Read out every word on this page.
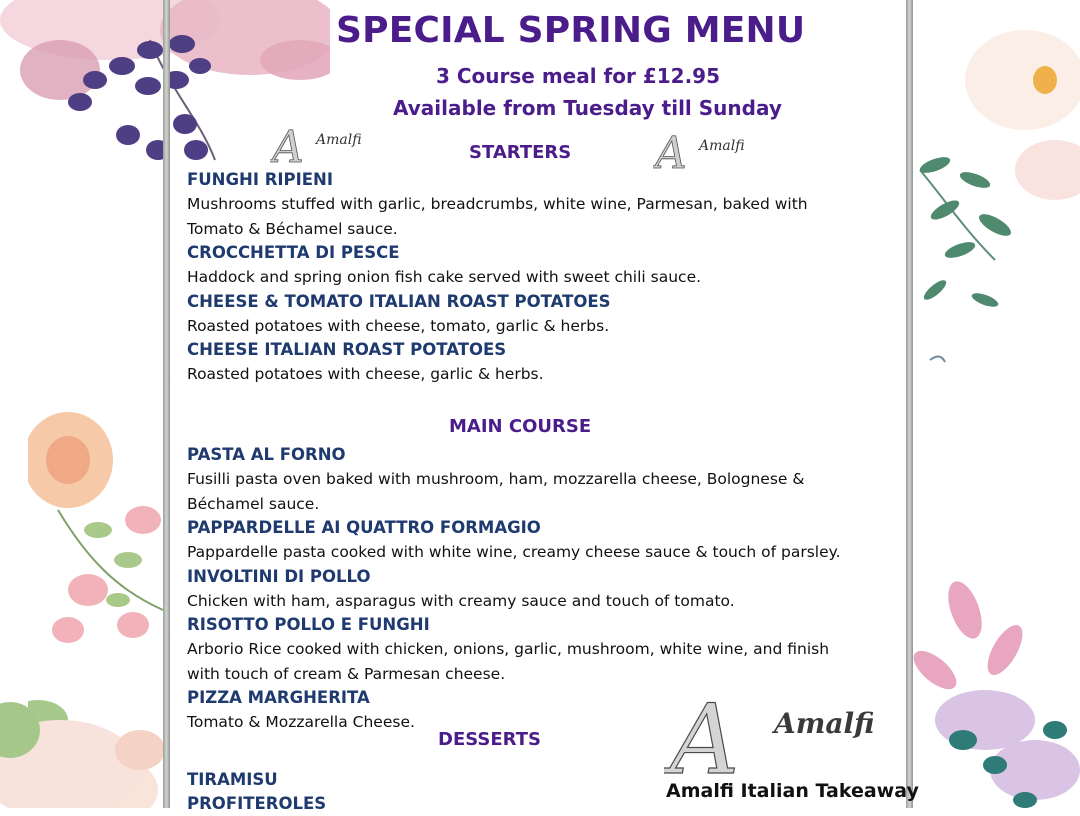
SPECIAL SPRING MENU
3 Course meal for £12.95
Available from Tuesday till Sunday
A Amalfi	A Amalfi
STARTERS
FUNGHI RIPIENI
Mushrooms stuffed with garlic, breadcrumbs, white wine, Parmesan, baked with Tomato & Béchamel sauce.
CROCCHETTA DI PESCE
Haddock and spring onion fish cake served with sweet chili sauce.
CHEESE & TOMATO ITALIAN ROAST POTATOES
Roasted potatoes with cheese, tomato, garlic & herbs.
CHEESE ITALIAN ROAST POTATOES
Roasted potatoes with cheese, garlic & herbs.
MAIN COURSE
PASTA AL FORNO
Fusilli pasta oven baked with mushroom, ham, mozzarella cheese, Bolognese & Béchamel sauce.
PAPPARDELLE AI QUATTRO FORMAGIO
Pappardelle pasta cooked with white wine, creamy cheese sauce & touch of parsley.
INVOLTINI DI POLLO
Chicken with ham, asparagus with creamy sauce and touch of tomato.
RISOTTO POLLO E FUNGHI
Arborio Rice cooked with chicken, onions, garlic, mushroom, white wine, and finish with touch of cream & Parmesan cheese.
PIZZA MARGHERITA
Tomato & Mozzarella Cheese.
DESSERTS
TIRAMISU
PROFITEROLES
A Amalfi
Amalfi Italian Takeaway
